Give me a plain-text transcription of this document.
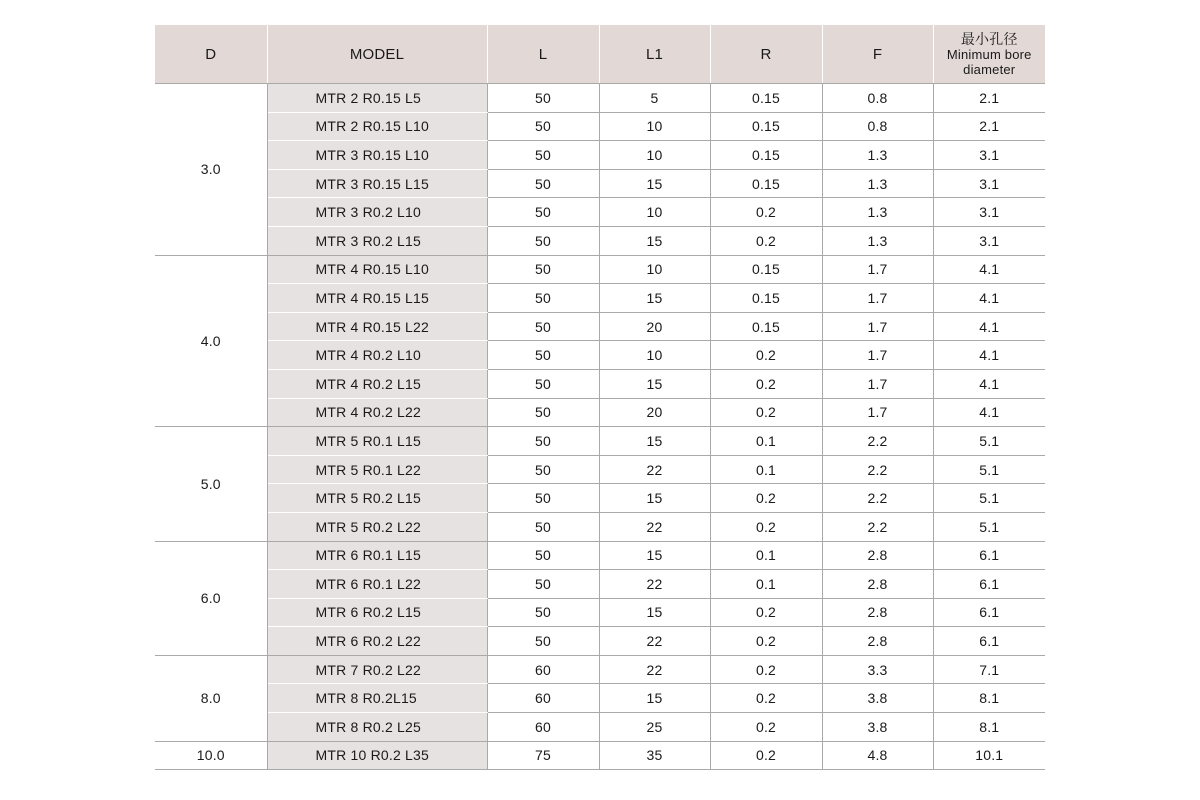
D	MODEL	L	L1	R	F	最小孔径
Minimum bore
diameter

3.0	MTR 2 R0.15 L5	50	5	0.15	0.8	2.1
	MTR 2 R0.15 L10	50	10	0.15	0.8	2.1
	MTR 3 R0.15 L10	50	10	0.15	1.3	3.1
	MTR 3 R0.15 L15	50	15	0.15	1.3	3.1
	MTR 3 R0.2 L10	50	10	0.2	1.3	3.1
	MTR 3 R0.2 L15	50	15	0.2	1.3	3.1
4.0	MTR 4 R0.15 L10	50	10	0.15	1.7	4.1
	MTR 4 R0.15 L15	50	15	0.15	1.7	4.1
	MTR 4 R0.15 L22	50	20	0.15	1.7	4.1
	MTR 4 R0.2 L10	50	10	0.2	1.7	4.1
	MTR 4 R0.2 L15	50	15	0.2	1.7	4.1
	MTR 4 R0.2 L22	50	20	0.2	1.7	4.1
5.0	MTR 5 R0.1 L15	50	15	0.1	2.2	5.1
	MTR 5 R0.1 L22	50	22	0.1	2.2	5.1
	MTR 5 R0.2 L15	50	15	0.2	2.2	5.1
	MTR 5 R0.2 L22	50	22	0.2	2.2	5.1
6.0	MTR 6 R0.1 L15	50	15	0.1	2.8	6.1
	MTR 6 R0.1 L22	50	22	0.1	2.8	6.1
	MTR 6 R0.2 L15	50	15	0.2	2.8	6.1
	MTR 6 R0.2 L22	50	22	0.2	2.8	6.1
8.0	MTR 7 R0.2 L22	60	22	0.2	3.3	7.1
	MTR 8 R0.2L15	60	15	0.2	3.8	8.1
	MTR 8 R0.2 L25	60	25	0.2	3.8	8.1
10.0	MTR 10 R0.2 L35	75	35	0.2	4.8	10.1
